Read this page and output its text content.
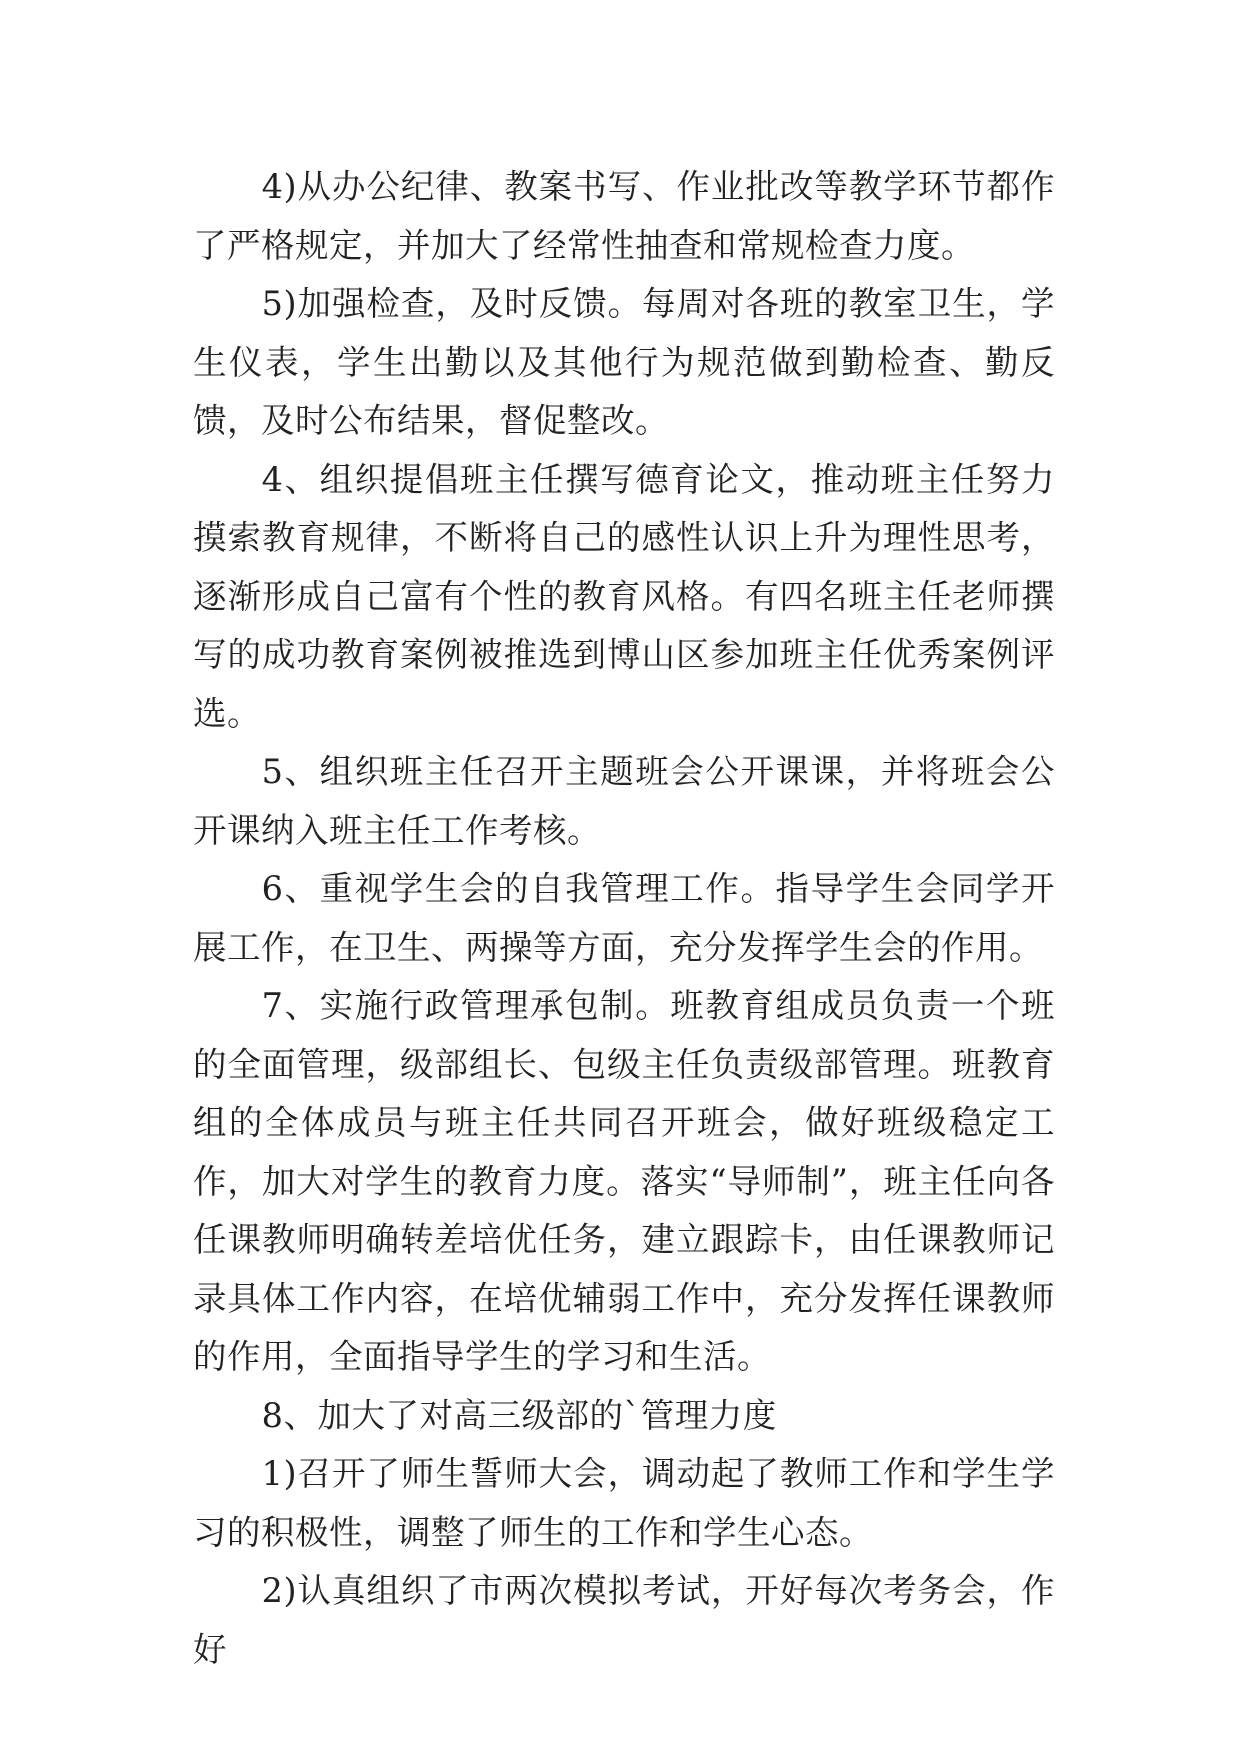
4)从办公纪律、教案书写、作业批改等教学环节都作了严格规定，并加大了经常性抽查和常规检查力度。

5)加强检查，及时反馈。每周对各班的教室卫生，学生仪表，学生出勤以及其他行为规范做到勤检查、勤反馈，及时公布结果，督促整改。

4、组织提倡班主任撰写德育论文，推动班主任努力摸索教育规律，不断将自己的感性认识上升为理性思考，逐渐形成自己富有个性的教育风格。有四名班主任老师撰写的成功教育案例被推选到博山区参加班主任优秀案例评选。

5、组织班主任召开主题班会公开课课，并将班会公开课纳入班主任工作考核。

6、重视学生会的自我管理工作。指导学生会同学开展工作，在卫生、两操等方面，充分发挥学生会的作用。

7、实施行政管理承包制。班教育组成员负责一个班的全面管理，级部组长、包级主任负责级部管理。班教育组的全体成员与班主任共同召开班会，做好班级稳定工作，加大对学生的教育力度。落实“导师制”，班主任向各任课教师明确转差培优任务，建立跟踪卡，由任课教师记录具体工作内容，在培优辅弱工作中，充分发挥任课教师的作用，全面指导学生的学习和生活。

8、加大了对高三级部的`管理力度

1)召开了师生誓师大会，调动起了教师工作和学生学习的积极性，调整了师生的工作和学生心态。

2)认真组织了市两次模拟考试，开好每次考务会，作好
